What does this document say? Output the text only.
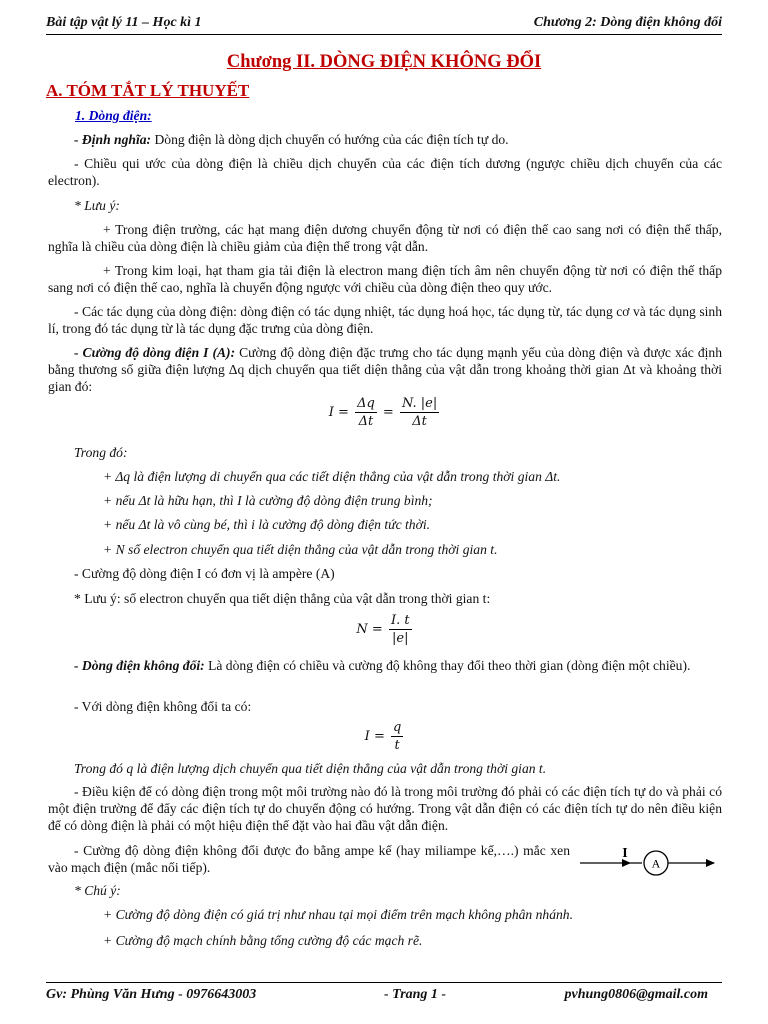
Bài tập vật lý 11 – Học kì 1	Chương 2: Dòng điện không đổi
Chương II. DÒNG ĐIỆN KHÔNG ĐỔI
A. TÓM TẮT LÝ THUYẾT

1. Dòng điện:

- Định nghĩa: Dòng điện là dòng dịch chuyển có hướng của các điện tích tự do.

- Chiều qui ước của dòng điện là chiều dịch chuyển của các điện tích dương (ngược chiều dịch chuyển của các electron).

* Lưu ý:

+ Trong điện trường, các hạt mang điện dương chuyển động từ nơi có điện thế cao sang nơi có điện thế thấp, nghĩa là chiều của dòng điện là chiều giảm của điện thế trong vật dẫn.

+ Trong kim loại, hạt tham gia tải điện là electron mang điện tích âm nên chuyển động từ nơi có điện thế thấp sang nơi có điện thế cao, nghĩa là chuyển động ngược với chiều của dòng điện theo quy ước.

- Các tác dụng của dòng điện: dòng điện có tác dụng nhiệt, tác dụng hoá học, tác dụng từ, tác dụng cơ và tác dụng sinh lí, trong đó tác dụng từ là tác dụng đặc trưng của dòng điện.

- Cường độ dòng điện I (A): Cường độ dòng điện đặc trưng cho tác dụng mạnh yếu của dòng điện và được xác định bằng thương số giữa điện lượng Δq dịch chuyển qua tiết diện thẳng của vật dẫn trong khoảng thời gian Δt và khoảng thời gian đó:

$I = \frac{\Delta q}{\Delta t} = \frac{N. |e|}{\Delta t}$

Trong đó:

+ Δq là điện lượng di chuyển qua các tiết diện thẳng của vật dẫn trong thời gian Δt.

+ nếu Δt là hữu hạn, thì I là cường độ dòng điện trung bình;

+ nếu Δt là vô cùng bé, thì i là cường độ dòng điện tức thời.

+ N số electron chuyển qua tiết diện thẳng của vật dẫn trong thời gian t.

- Cường độ dòng điện I có đơn vị là ampère (A)

* Lưu ý: số electron chuyển qua tiết diện thẳng của vật dẫn trong thời gian t:

$N = \frac{I. t}{|e|}$

- Dòng điện không đổi: Là dòng điện có chiều và cường độ không thay đổi theo thời gian (dòng điện một chiều).

- Với dòng điện không đổi ta có:

$I = \frac{q}{t}$

Trong đó q là điện lượng dịch chuyển qua tiết diện thẳng của vật dẫn trong thời gian t.

- Điều kiện để có dòng điện trong một môi trường nào đó là trong môi trường đó phải có các điện tích tự do và phải có một điện trường để đẩy các điện tích tự do chuyển động có hướng. Trong vật dẫn điện có các điện tích tự do nên điều kiện để có dòng điện là phải có một hiệu điện thế đặt vào hai đầu vật dẫn điện.

- Cường độ dòng điện không đổi được đo bằng ampe kế (hay miliampe kế,….) mắc xen vào mạch điện (mắc nối tiếp).

* Chú ý:

+ Cường độ dòng điện có giá trị như nhau tại mọi điểm trên mạch không phân nhánh.

+ Cường độ mạch chính bằng tổng cường độ các mạch rẽ.

I
A
Gv: Phùng Văn Hưng - 0976643003	- Trang 1 -	pvhung0806@gmail.com
